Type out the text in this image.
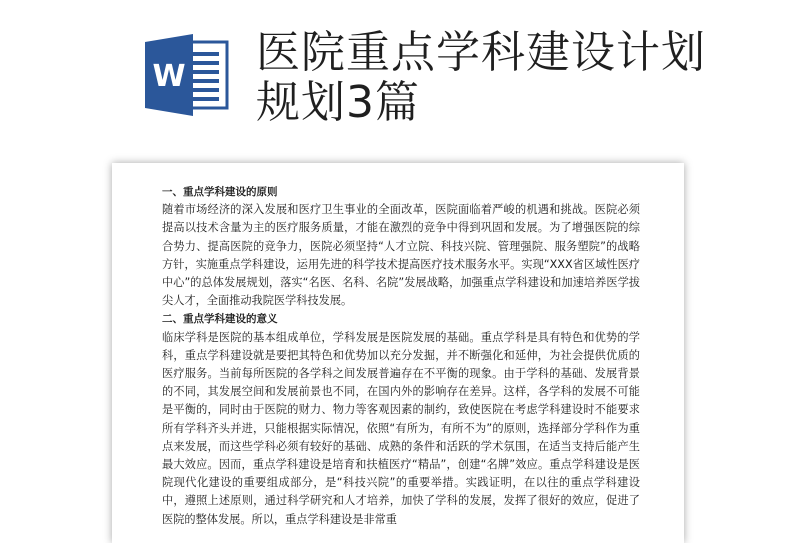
W 医院重点学科建设计划规划3篇

一、重点学科建设的原则

随着市场经济的深入发展和医疗卫生事业的全面改革，医院面临着严峻的机遇和挑战。医院必须提高以技术含量为主的医疗服务质量，才能在激烈的竞争中得到巩固和发展。为了增强医院的综合势力、提高医院的竞争力，医院必须坚持“人才立院、科技兴院、管理强院、服务塑院”的战略方针，实施重点学科建设，运用先进的科学技术提高医疗技术服务水平。实现“XXX省区域性医疗中心”的总体发展规划，落实“名医、名科、名院”发展战略，加强重点学科建设和加速培养医学拔尖人才，全面推动我院医学科技发展。

二、重点学科建设的意义

临床学科是医院的基本组成单位，学科发展是医院发展的基础。重点学科是具有特色和优势的学科，重点学科建设就是要把其特色和优势加以充分发掘，并不断强化和延伸，为社会提供优质的医疗服务。当前每所医院的各学科之间发展普遍存在不平衡的现象。由于学科的基础、发展背景的不同，其发展空间和发展前景也不同，在国内外的影响存在差异。这样，各学科的发展不可能是平衡的，同时由于医院的财力、物力等客观因素的制约，致使医院在考虑学科建设时不能要求所有学科齐头并进，只能根据实际情况，依照“有所为，有所不为”的原则，选择部分学科作为重点来发展，而这些学科必须有较好的基础、成熟的条件和活跃的学术氛围，在适当支持后能产生最大效应。因而，重点学科建设是培育和扶植医疗“精品”，创建“名牌”效应。重点学科建设是医院现代化建设的重要组成部分，是“科技兴院”的重要举措。实践证明，在以往的重点学科建设中，遵照上述原则，通过科学研究和人才培养，加快了学科的发展，发挥了很好的效应，促进了医院的整体发展。所以，重点学科建设是非常重
